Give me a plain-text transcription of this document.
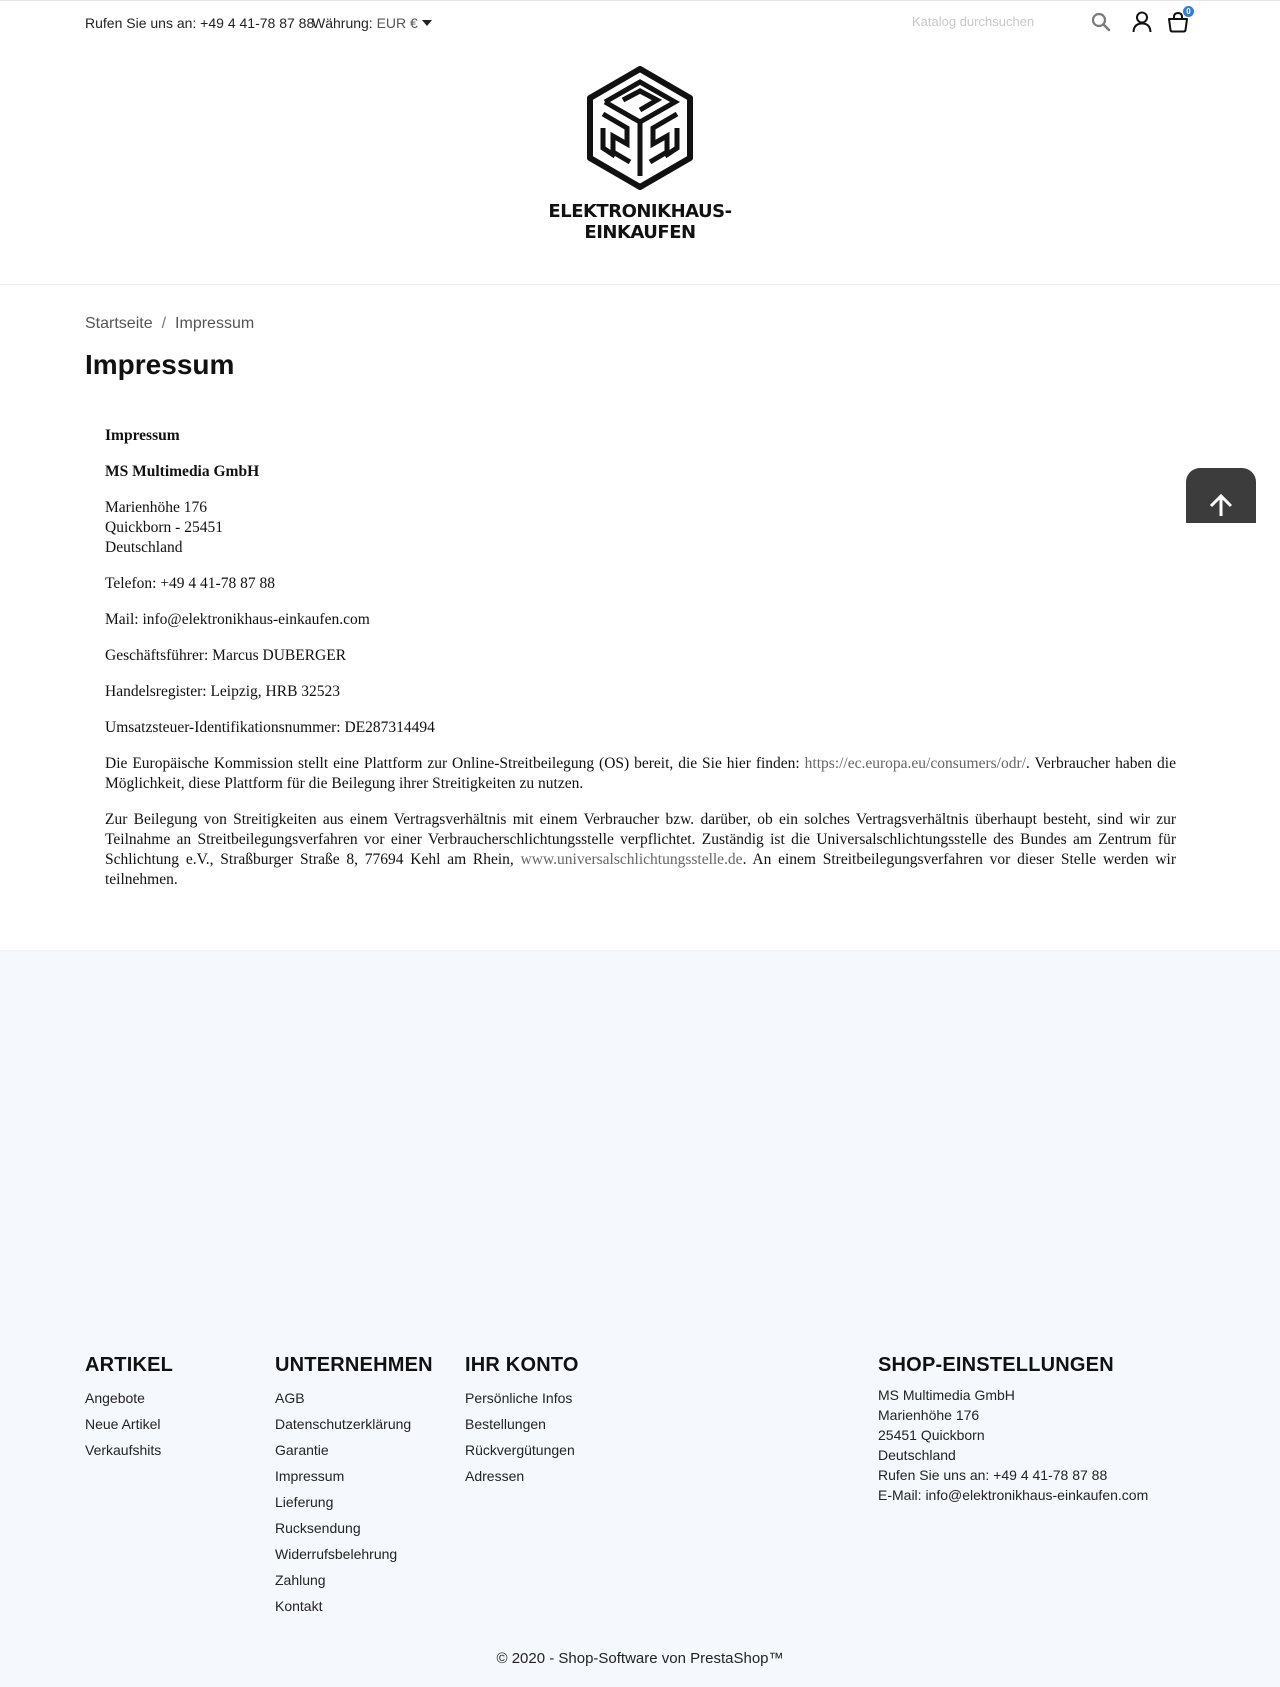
Rufen Sie uns an: +49 4 41-78 87 88
Währung: EUR €
Katalog durchsuchen
0
ELEKTRONIKHAUS-EINKAUFEN
Startseite / Impressum
Impressum

Impressum

MS Multimedia GmbH

Marienhöhe 176
Quickborn - 25451
Deutschland

Telefon: +49 4 41-78 87 88

Mail: info@elektronikhaus-einkaufen.com

Geschäftsführer: Marcus DUBERGER

Handelsregister: Leipzig, HRB 32523

Umsatzsteuer-Identifikationsnummer: DE287314494

Die Europäische Kommission stellt eine Plattform zur Online-Streitbeilegung (OS) bereit, die Sie hier finden: https://ec.europa.eu/consumers/odr/. Verbraucher haben die Möglichkeit, diese Plattform für die Beilegung ihrer Streitigkeiten zu nutzen.

Zur Beilegung von Streitigkeiten aus einem Vertragsverhältnis mit einem Verbraucher bzw. darüber, ob ein solches Vertragsverhältnis überhaupt besteht, sind wir zur Teilnahme an Streitbeilegungsverfahren vor einer Verbraucherschlichtungsstelle verpflichtet. Zuständig ist die Universalschlichtungsstelle des Bundes am Zentrum für Schlichtung e.V., Straßburger Straße 8, 77694 Kehl am Rhein, www.universalschlichtungsstelle.de. An einem Streitbeilegungsverfahren vor dieser Stelle werden wir teilnehmen.

ARTIKEL
Angebote
Neue Artikel
Verkaufshits
UNTERNEHMEN
AGB
Datenschutzerklärung
Garantie
Impressum
Lieferung
Rucksendung
Widerrufsbelehrung
Zahlung
Kontakt
IHR KONTO
Persönliche Infos
Bestellungen
Rückvergütungen
Adressen
SHOP-EINSTELLUNGEN
MS Multimedia GmbH
Marienhöhe 176
25451 Quickborn
Deutschland
Rufen Sie uns an: +49 4 41-78 87 88
E-Mail: info@elektronikhaus-einkaufen.com
© 2020 - Shop-Software von PrestaShop™
